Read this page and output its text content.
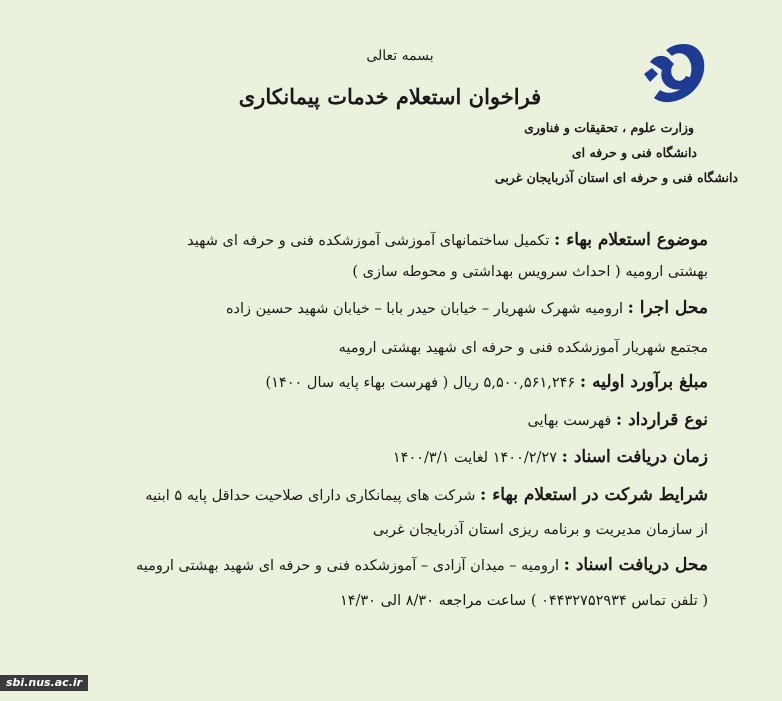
بسمه تعالی
فراخوان استعلام خدمات پیمانکاری
وزارت علوم ، تحقیقات و فناوری
دانشگاه فنی و حرفه ای
دانشگاه فنی و حرفه ای استان آذربایجان غربی
موضوع استعلام بهاء : تکمیل ساختمانهای آموزشی آموزشکده فنی و حرفه ای شهید
بهشتی ارومیه ( احداث سرویس بهداشتی و محوطه سازی )
محل اجرا : ارومیه شهرک شهریار – خیابان حیدر بابا – خیابان شهید حسین زاده
مجتمع شهریار آموزشکده فنی و حرفه ای شهید بهشتی ارومیه
مبلغ برآورد اولیه : ۵,۵۰۰,۵۶۱,۲۴۶ ریال ( فهرست بهاء پایه سال ۱۴۰۰)
نوع قرارداد : فهرست بهایی
زمان دریافت اسناد : ۱۴۰۰/۲/۲۷ لغایت ۱۴۰۰/۳/۱
شرایط شرکت در استعلام بهاء : شرکت های پیمانکاری دارای صلاحیت حداقل پایه ۵ ابنیه
از سازمان مدیریت و برنامه ریزی استان آذربایجان غربی
محل دریافت اسناد : ارومیه – میدان آزادی – آموزشکده فنی و حرفه ای شهید بهشتی ارومیه
( تلفن تماس ۰۴۴۳۲۷۵۲۹۳۴ ) ساعت مراجعه ۸/۳۰ الی ۱۴/۳۰
sbi.nus.ac.ir
